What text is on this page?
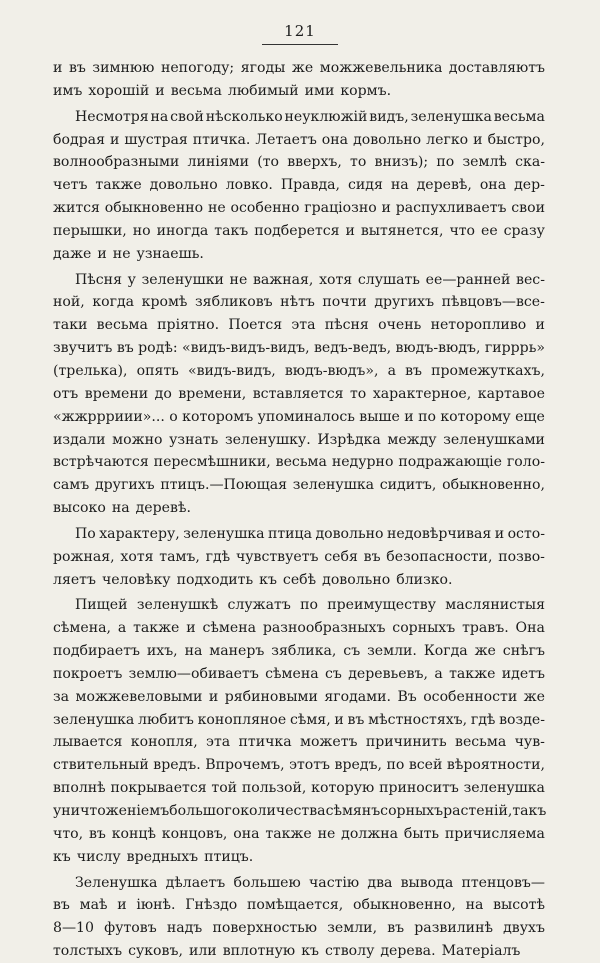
121
и въ зимнюю непогоду; ягоды же можжевельника доставляютъ
имъ хорошій и весьма любимый ими кормъ.
Несмотря на свой нѣсколько неуклюжій видъ, зеленушка весьма
бодрая и шустрая птичка. Летаетъ она довольно легко и быстро,
волнообразными линіями (то вверхъ, то внизъ); по землѣ ска-
четъ также довольно ловко. Правда, сидя на деревѣ, она дер-
жится обыкновенно не особенно граціозно и распухливаетъ свои
перышки, но иногда такъ подберется и вытянется, что ее сразу
даже и не узнаешь.
Пѣсня у зеленушки не важная, хотя слушать ее—ранней вес-
ной, когда кромѣ зябликовъ нѣтъ почти другихъ пѣвцовъ—все-
таки весьма пріятно. Поется эта пѣсня очень неторопливо и
звучитъ въ родѣ: «видъ-видъ-видъ, ведъ-ведъ, вюдъ-вюдъ, гирррь»
(трелька), опять «видъ-видъ, вюдъ-вюдъ», а въ промежуткахъ,
отъ времени до времени, вставляется то характерное, картавое
«жжррриии»... о которомъ упоминалось выше и по которому еще
издали можно узнать зеленушку. Изрѣдка между зеленушками
встрѣчаются пересмѣшники, весьма недурно подражающіе голо-
самъ другихъ птицъ.—Поющая зеленушка сидитъ, обыкновенно,
высоко на деревѣ.
По характеру, зеленушка птица довольно недовѣрчивая и осто-
рожная, хотя тамъ, гдѣ чувствуетъ себя въ безопасности, позво-
ляетъ человѣку подходить къ себѣ довольно близко.
Пищей зеленушкѣ служатъ по преимуществу маслянистыя
сѣмена, а также и сѣмена разнообразныхъ сорныхъ травъ. Она
подбираетъ ихъ, на манеръ зяблика, съ земли. Когда же снѣгъ
покроетъ землю—обиваетъ сѣмена съ деревьевъ, а также идетъ
за можжевеловыми и рябиновыми ягодами. Въ особенности же
зеленушка любитъ конопляное сѣмя, и въ мѣстностяхъ, гдѣ возде-
лывается конопля, эта птичка можетъ причинить весьма чув-
ствительный вредъ. Впрочемъ, этотъ вредъ, по всей вѣроятности,
вполнѣ покрывается той пользой, которую приноситъ зеленушка
уничтоженіемъ большого количества сѣмянъ сорныхъ растеній, такъ
что, въ концѣ концовъ, она также не должна быть причисляема
къ числу вредныхъ птицъ.
Зеленушка дѣлаетъ большею частію два вывода птенцовъ—
въ маѣ и іюнѣ. Гнѣздо помѣщается, обыкновенно, на высотѣ
8—10 футовъ надъ поверхностью земли, въ развилинѣ двухъ
толстыхъ суковъ, или вплотную къ стволу дерева. Матеріалъ
